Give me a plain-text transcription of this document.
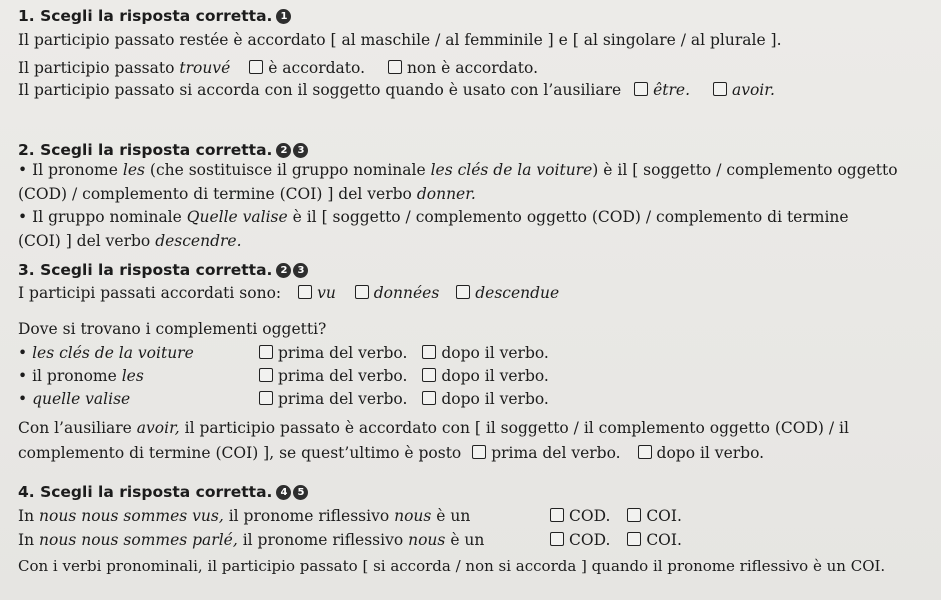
1. Scegli la risposta corretta. 1
Il participio passato restée è accordato [ al maschile / al femminile ] e [ al singolare / al plurale ].
Il participio passato trouvé è accordato.	non è accordato.
Il participio passato si accorda con il soggetto quando è usato con l’ausiliare être.	avoir.
2. Scegli la risposta corretta. 2 3
• Il pronome les (che sostituisce il gruppo nominale les clés de la voiture) è il [ soggetto / complemento oggetto
(COD) / complemento di termine (COI) ] del verbo donner.
• Il gruppo nominale Quelle valise è il [ soggetto / complemento oggetto (COD) / complemento di termine
(COI) ] del verbo descendre.
3. Scegli la risposta corretta. 2 3
I participi passati accordati sono: vu données descendue
Dove si trovano i complementi oggetti?
• les clés de la voiture	prima del verbo. dopo il verbo.
• il pronome les	prima del verbo. dopo il verbo.
• quelle valise	prima del verbo. dopo il verbo.
Con l’ausiliare avoir, il participio passato è accordato con [ il soggetto / il complemento oggetto (COD) / il
complemento di termine (COI) ], se quest’ultimo è posto prima del verbo. dopo il verbo.
4. Scegli la risposta corretta. 4 5
In nous nous sommes vus, il pronome riflessivo nous è un	COD. COI.
In nous nous sommes parlé, il pronome riflessivo nous è un	COD. COI.
Con i verbi pronominali, il participio passato [ si accorda / non si accorda ] quando il pronome riflessivo è un COI.
